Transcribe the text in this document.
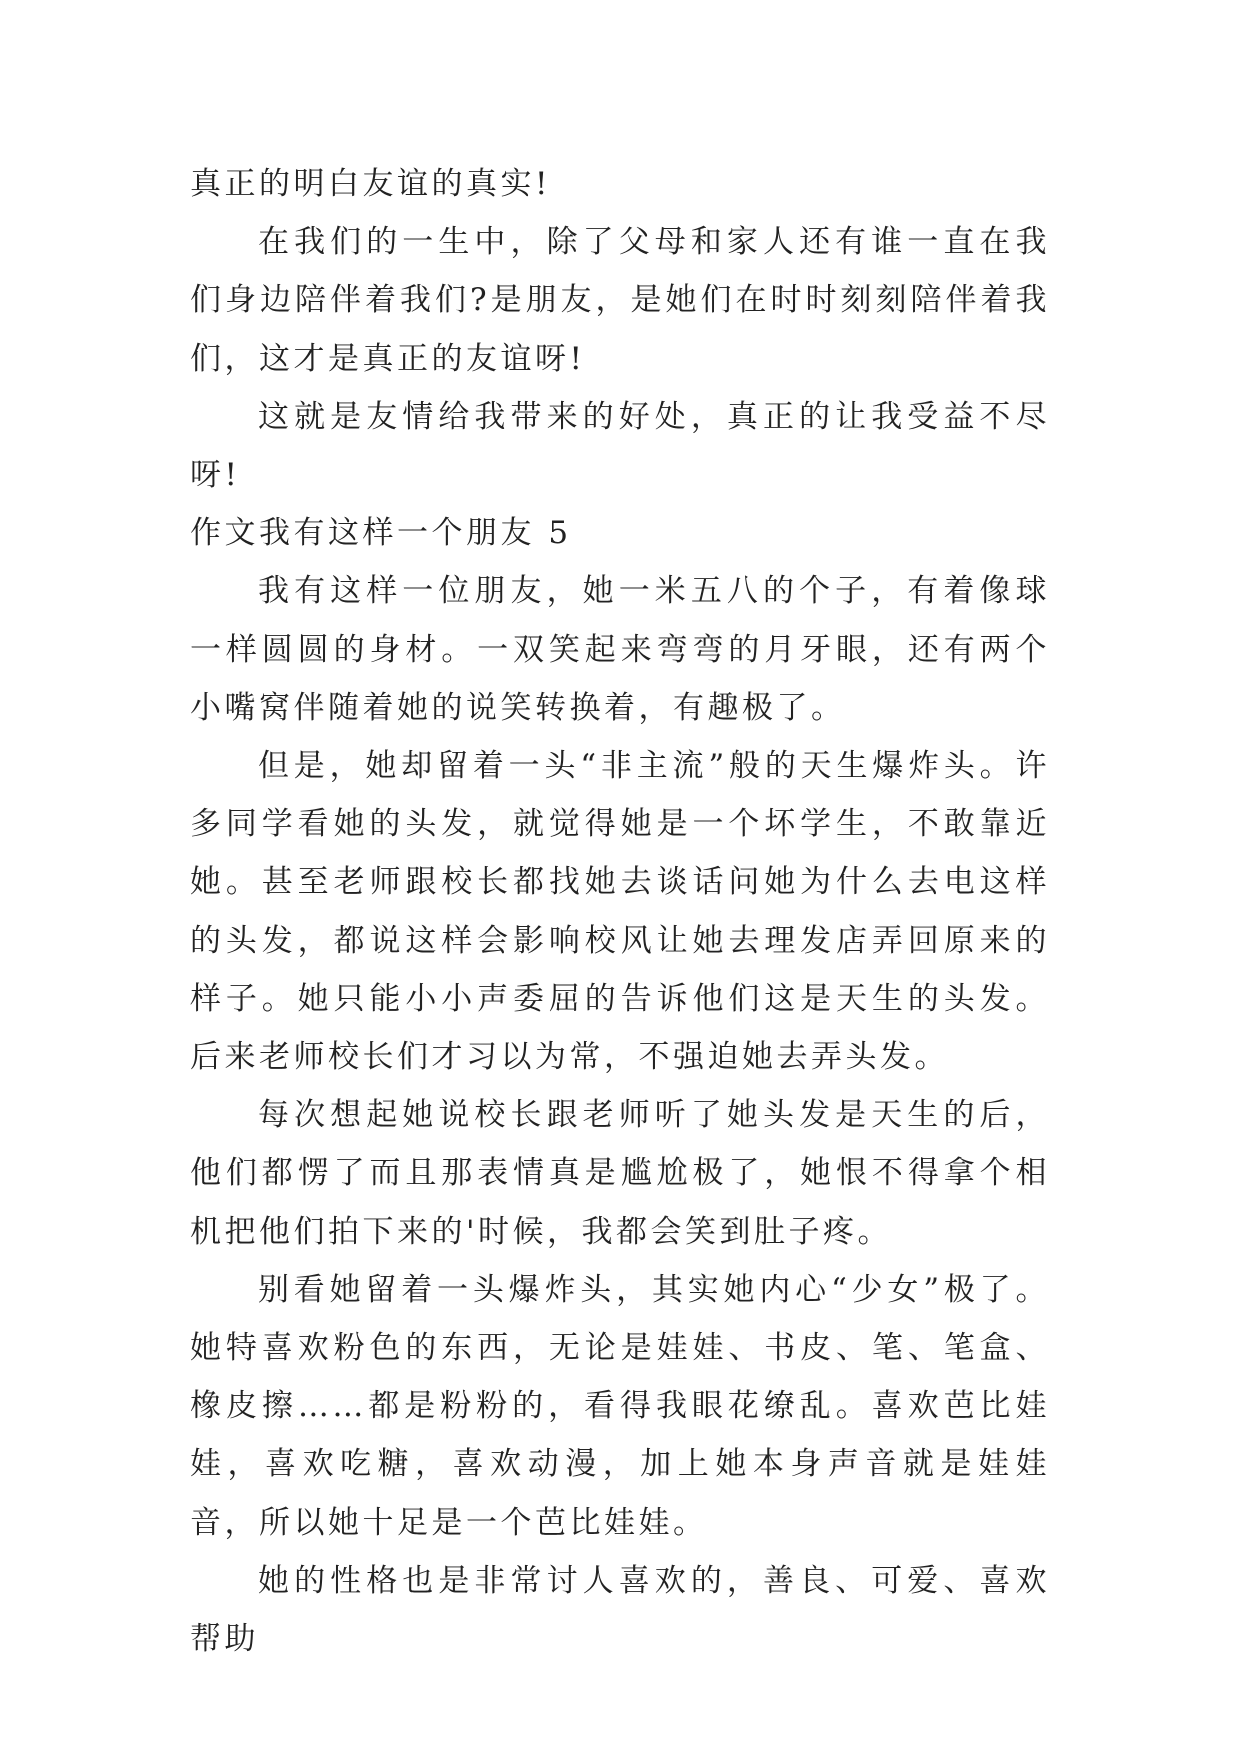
真正的明白友谊的真实!

在我们的一生中，除了父母和家人还有谁一直在我们身边陪伴着我们?是朋友，是她们在时时刻刻陪伴着我们，这才是真正的友谊呀!

这就是友情给我带来的好处，真正的让我受益不尽呀!

作文我有这样一个朋友 5

我有这样一位朋友，她一米五八的个子，有着像球一样圆圆的身材。一双笑起来弯弯的月牙眼，还有两个小嘴窝伴随着她的说笑转换着，有趣极了。

但是，她却留着一头“非主流”般的天生爆炸头。许多同学看她的头发，就觉得她是一个坏学生，不敢靠近她。甚至老师跟校长都找她去谈话问她为什么去电这样的头发，都说这样会影响校风让她去理发店弄回原来的样子。她只能小小声委屈的告诉他们这是天生的头发。后来老师校长们才习以为常，不强迫她去弄头发。

每次想起她说校长跟老师听了她头发是天生的后，他们都愣了而且那表情真是尴尬极了，她恨不得拿个相机把他们拍下来的'时候，我都会笑到肚子疼。

别看她留着一头爆炸头，其实她内心“少女”极了。她特喜欢粉色的东西，无论是娃娃、书皮、笔、笔盒、橡皮擦……都是粉粉的，看得我眼花缭乱。喜欢芭比娃娃，喜欢吃糖，喜欢动漫，加上她本身声音就是娃娃音，所以她十足是一个芭比娃娃。

她的性格也是非常讨人喜欢的，善良、可爱、喜欢帮助
